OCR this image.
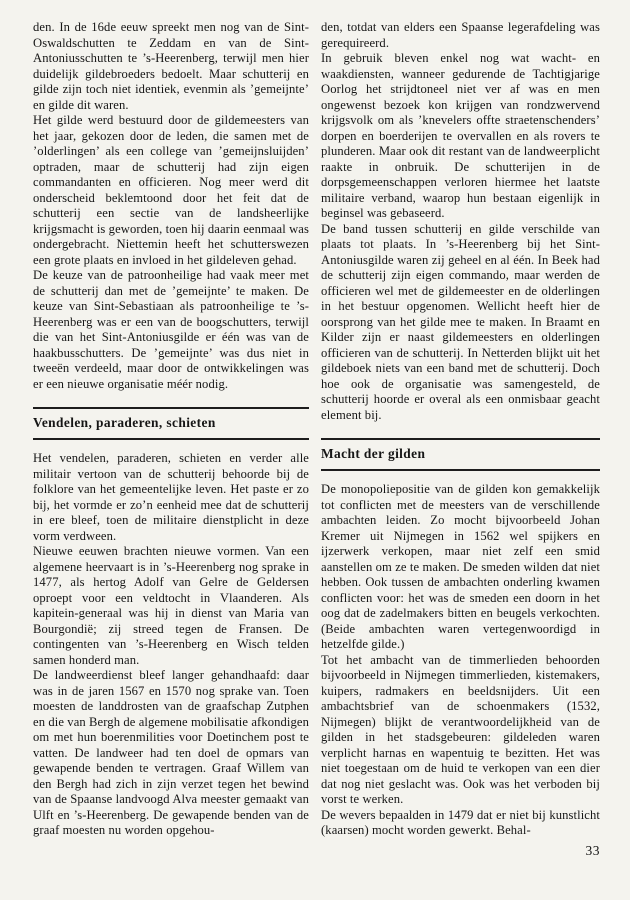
den. In de 16de eeuw spreekt men nog van de Sint-Oswaldschutten te Zeddam en van de Sint-Antoniusschutten te ’s-Heerenberg, terwijl men hier duidelijk gildebroeders bedoelt. Maar schutterij en gilde zijn toch niet identiek, evenmin als ’gemeijnte’ en gilde dit waren.

Het gilde werd bestuurd door de gildemeesters van het jaar, gekozen door de leden, die samen met de ’olderlingen’ als een college van ’gemeijnsluijden’ optraden, maar de schutterij had zijn eigen commandanten en officieren. Nog meer werd dit onderscheid beklemtoond door het feit dat de schutterij een sectie van de landsheerlijke krijgsmacht is geworden, toen hij daarin eenmaal was ondergebracht. Niettemin heeft het schutterswezen een grote plaats en invloed in het gildeleven gehad.

De keuze van de patroonheilige had vaak meer met de schutterij dan met de ’gemeijnte’ te maken. De keuze van Sint-Sebastiaan als patroonheilige te ’s-Heerenberg was er een van de boogschutters, terwijl die van het Sint-Antoniusgilde er één was van de haakbusschutters. De ’gemeijnte’ was dus niet in tweeën verdeeld, maar door de ontwikkelingen was er een nieuwe organisatie méér nodig.

Vendelen, paraderen, schieten

Het vendelen, paraderen, schieten en verder alle militair vertoon van de schutterij behoorde bij de folklore van het gemeentelijke leven. Het paste er zo bij, het vormde er zo’n eenheid mee dat de schutterij in ere bleef, toen de militaire dienstplicht in deze vorm verdween.

Nieuwe eeuwen brachten nieuwe vormen. Van een algemene heervaart is in ’s-Heerenberg nog sprake in 1477, als hertog Adolf van Gelre de Geldersen oproept voor een veldtocht in Vlaanderen. Als kapitein-generaal was hij in dienst van Maria van Bourgondië; zij streed tegen de Fransen. De contingenten van ’s-Heerenberg en Wisch telden samen honderd man.

De landweerdienst bleef langer gehandhaafd: daar was in de jaren 1567 en 1570 nog sprake van. Toen moesten de landdrosten van de graafschap Zutphen en die van Bergh de algemene mobilisatie afkondigen om met hun boerenmilities voor Doetinchem post te vatten. De landweer had ten doel de opmars van gewapende benden te vertragen. Graaf Willem van den Bergh had zich in zijn verzet tegen het bewind van de Spaanse landvoogd Alva meester gemaakt van Ulft en ’s-Heerenberg. De gewapende benden van de graaf moesten nu worden opgehou-

den, totdat van elders een Spaanse legerafdeling was gerequireerd.

In gebruik bleven enkel nog wat wacht- en waakdiensten, wanneer gedurende de Tachtigjarige Oorlog het strijdtoneel niet ver af was en men ongewenst bezoek kon krijgen van rondzwervend krijgsvolk om als ’knevelers offte straetenschenders’ dorpen en boerderijen te overvallen en als rovers te plunderen. Maar ook dit restant van de landweerplicht raakte in onbruik. De schutterijen in de dorpsgemeenschappen verloren hiermee het laatste militaire verband, waarop hun bestaan eigenlijk in beginsel was gebaseerd.

De band tussen schutterij en gilde verschilde van plaats tot plaats. In ’s-Heerenberg bij het Sint-Antoniusgilde waren zij geheel en al één. In Beek had de schutterij zijn eigen commando, maar werden de officieren wel met de gildemeester en de olderlingen in het bestuur opgenomen. Wellicht heeft hier de oorsprong van het gilde mee te maken. In Braamt en Kilder zijn er naast gildemeesters en olderlingen officieren van de schutterij. In Netterden blijkt uit het gildeboek niets van een band met de schutterij. Doch hoe ook de organisatie was samengesteld, de schutterij hoorde er overal als een onmisbaar geacht element bij.

Macht der gilden

De monopoliepositie van de gilden kon gemakkelijk tot conflicten met de meesters van de verschillende ambachten leiden. Zo mocht bijvoorbeeld Johan Kremer uit Nijmegen in 1562 wel spijkers en ijzerwerk verkopen, maar niet zelf een smid aanstellen om ze te maken. De smeden wilden dat niet hebben. Ook tussen de ambachten onderling kwamen conflicten voor: het was de smeden een doorn in het oog dat de zadelmakers bitten en beugels verkochten. (Beide ambachten waren vertegenwoordigd in hetzelfde gilde.)

Tot het ambacht van de timmerlieden behoorden bijvoorbeeld in Nijmegen timmerlieden, kistemakers, kuipers, radmakers en beeldsnijders. Uit een ambachtsbrief van de schoenmakers (1532, Nijmegen) blijkt de verantwoordelijkheid van de gilden in het stadsgebeuren: gildeleden waren verplicht harnas en wapentuig te bezitten. Het was niet toegestaan om de huid te verkopen van een dier dat nog niet geslacht was. Ook was het verboden bij vorst te werken.

De wevers bepaalden in 1479 dat er niet bij kunstlicht (kaarsen) mocht worden gewerkt. Behal-

33
